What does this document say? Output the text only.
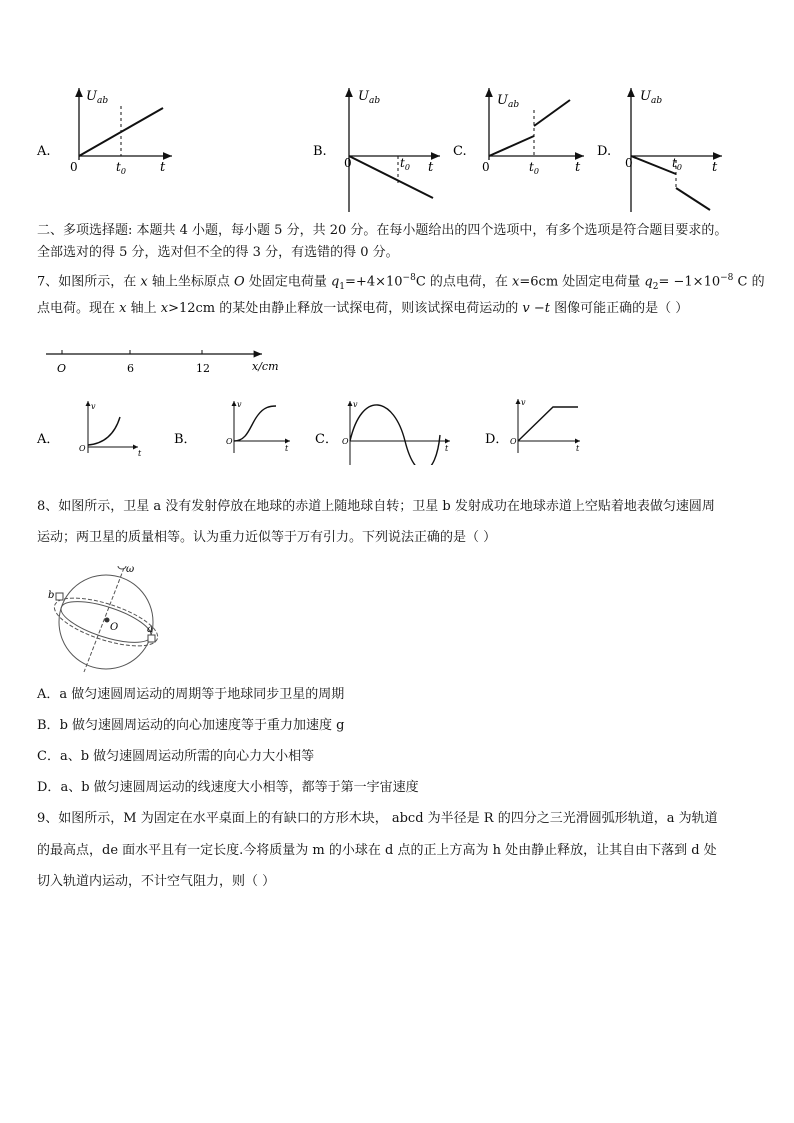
A.	B.	C.	D.
$U_{ab}$	$U_{ab}$	$U_{ab}$
$U_{ab}$
t	t	t	t
0	0	0	0
$t_0$
$t_0$	$t_0$
$t_0$
二、多项选择题: 本题共 4 小题，每小题 5 分，共 20 分。在每小题给出的四个选项中，有多个选项是符合题目要求的。
全部选对的得 5 分，选对但不全的得 3 分，有选错的得 0 分。
7、如图所示，在 x 轴上坐标原点 O 处固定电荷量 $q_1=+4\times 10^{-8}C$ 的点电荷，在 x=6cm 处固定电荷量 $q_2= -1\times 10^{-8}$ C 的
点电荷。现在 x 轴上 x>12cm 的某处由静止释放一试探电荷，则该试探电荷运动的 v −t 图像可能正确的是（ ）
O	6	12	x/cm
A．	B．	C．	D．
v	v	v	v
t
t	t	t
O
O	O	O
8、如图所示，卫星 a 没有发射停放在地球的赤道上随地球自转；卫星 b 发射成功在地球赤道上空贴着地表做匀速圆周
运动；两卫星的质量相等。认为重力近似等于万有引力。下列说法正确的是（ ）
ω
b
a
O
A．a 做匀速圆周运动的周期等于地球同步卫星的周期
B．b 做匀速圆周运动的向心加速度等于重力加速度 g
C．a、b 做匀速圆周运动所需的向心力大小相等
D．a、b 做匀速圆周运动的线速度大小相等，都等于第一宇宙速度
9、如图所示，M 为固定在水平桌面上的有缺口的方形木块， abcd 为半径是 R 的四分之三光滑圆弧形轨道，a 为轨道
的最高点，de 面水平且有一定长度.今将质量为 m 的小球在 d 点的正上方高为 h 处由静止释放，让其自由下落到 d 处
切入轨道内运动，不计空气阻力，则（ ）
